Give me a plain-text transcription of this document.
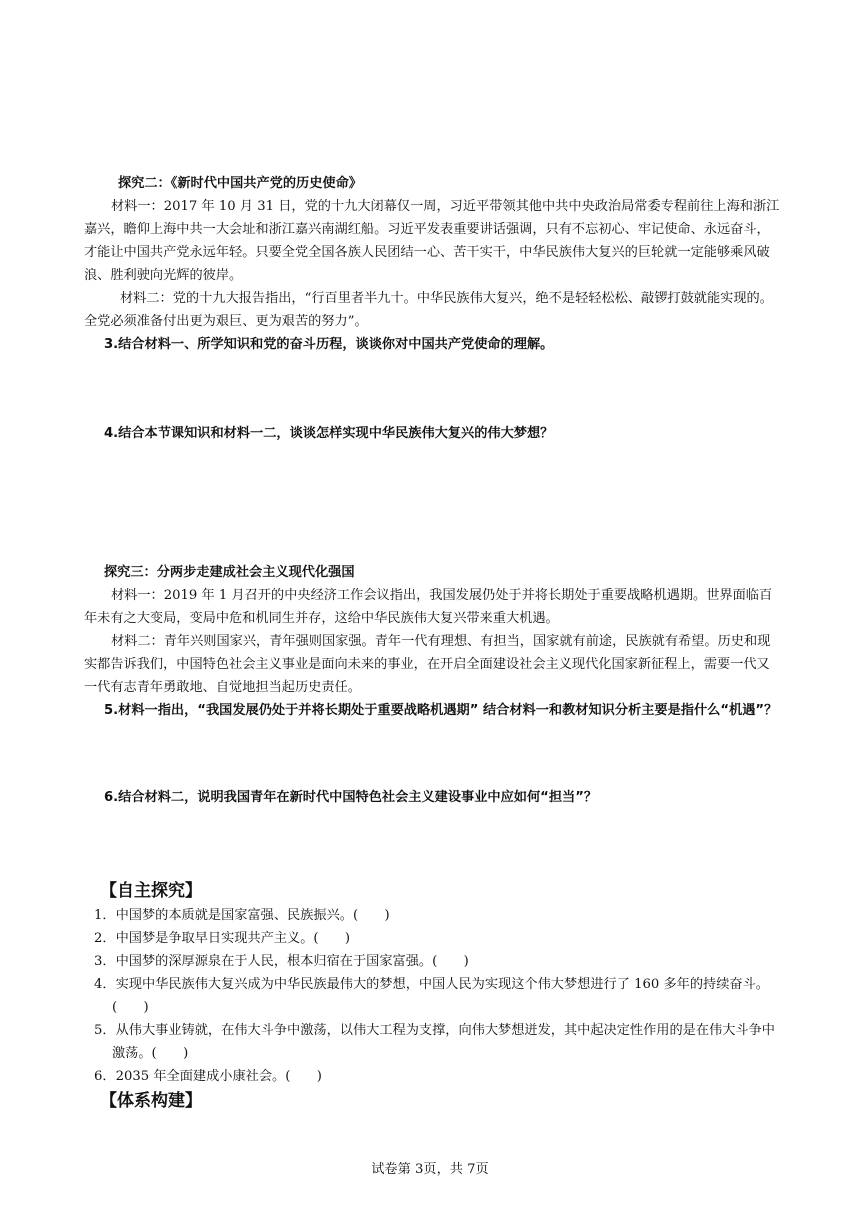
探究二：《新时代中国共产党的历史使命》

材料一：2017 年 10 月 31 日，党的十九大闭幕仅一周，习近平带领其他中共中央政治局常委专程前往上海和浙江嘉兴，瞻仰上海中共一大会址和浙江嘉兴南湖红船。习近平发表重要讲话强调，只有不忘初心、牢记使命、永远奋斗，才能让中国共产党永远年轻。只要全党全国各族人民团结一心、苦干实干，中华民族伟大复兴的巨轮就一定能够乘风破浪、胜利驶向光辉的彼岸。

材料二：党的十九大报告指出，“行百里者半九十。中华民族伟大复兴，绝不是轻轻松松、敲锣打鼓就能实现的。全党必须准备付出更为艰巨、更为艰苦的努力”。

3.结合材料一、所学知识和党的奋斗历程，谈谈你对中国共产党使命的理解。

4.结合本节课知识和材料一二，谈谈怎样实现中华民族伟大复兴的伟大梦想？

探究三：分两步走建成社会主义现代化强国

材料一：2019 年 1 月召开的中央经济工作会议指出，我国发展仍处于并将长期处于重要战略机遇期。世界面临百年未有之大变局，变局中危和机同生并存，这给中华民族伟大复兴带来重大机遇。

材料二：青年兴则国家兴，青年强则国家强。青年一代有理想、有担当，国家就有前途，民族就有希望。历史和现实都告诉我们，中国特色社会主义事业是面向未来的事业，在开启全面建设社会主义现代化国家新征程上，需要一代又一代有志青年勇敢地、自觉地担当起历史责任。

5.材料一指出，“我国发展仍处于并将长期处于重要战略机遇期” 结合材料一和教材知识分析主要是指什么“机遇”？

6.结合材料二，说明我国青年在新时代中国特色社会主义建设事业中应如何“担当”？

【自主探究】

1．中国梦的本质就是国家富强、民族振兴。(　　)

2．中国梦是争取早日实现共产主义。(　　)

3．中国梦的深厚源泉在于人民，根本归宿在于国家富强。(　　)

4．实现中华民族伟大复兴成为中华民族最伟大的梦想，中国人民为实现这个伟大梦想进行了 160 多年的持续奋斗。(　　)

5．从伟大事业铸就，在伟大斗争中激荡，以伟大工程为支撑，向伟大梦想迸发，其中起决定性作用的是在伟大斗争中激荡。(　　)

6．2035 年全面建成小康社会。(　　)

【体系构建】

试卷第 3页，共 7页
